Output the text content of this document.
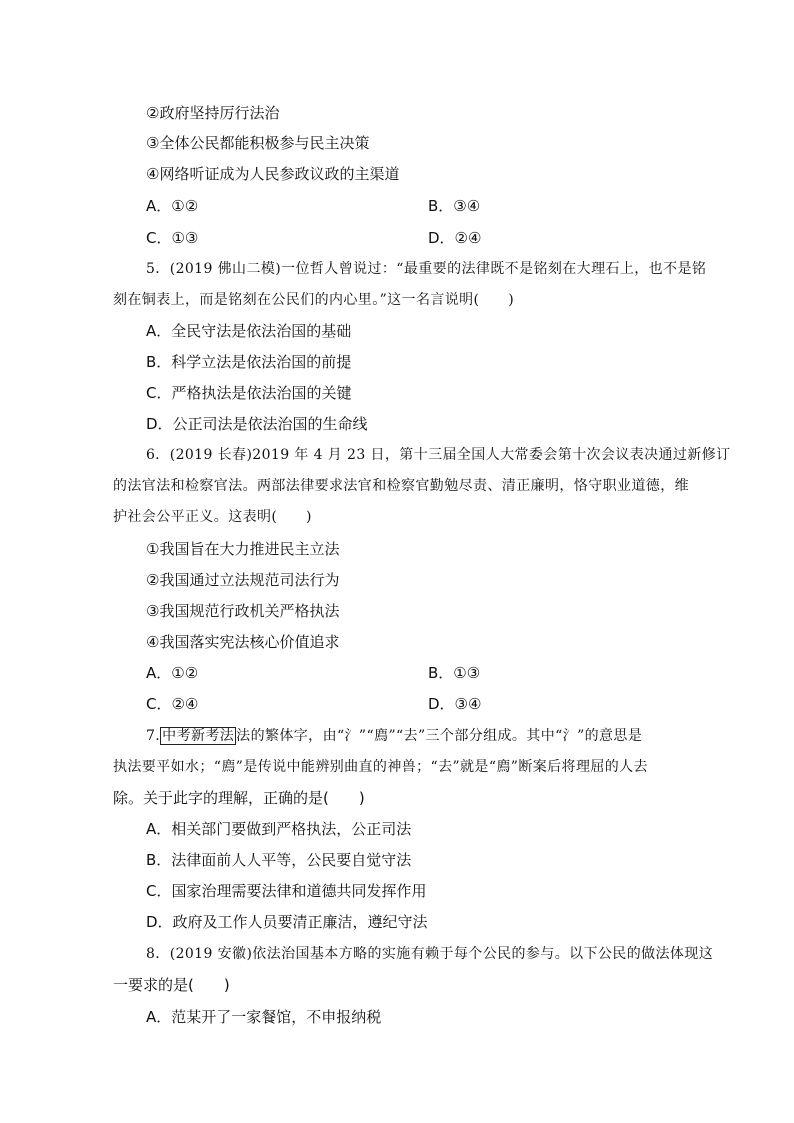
②政府坚持厉行法治
③全体公民都能积极参与民主决策
④网络听证成为人民参政议政的主渠道
A．①②	B．③④
C．①③	D．②④
5．(2019 佛山二模)一位哲人曾说过：“最重要的法律既不是铭刻在大理石上，也不是铭
刻在铜表上，而是铭刻在公民们的内心里。”这一名言说明(　　)
A．全民守法是依法治国的基础
B．科学立法是依法治国的前提
C．严格执法是依法治国的关键
D．公正司法是依法治国的生命线
6．(2019 长春)2019 年 4 月 23 日，第十三届全国人大常委会第十次会议表决通过新修订
的法官法和检察官法。两部法律要求法官和检察官勤勉尽责、清正廉明，恪守职业道德，维
护社会公平正义。这表明(　　)
①我国旨在大力推进民主立法
②我国通过立法规范司法行为
③我国规范行政机关严格执法
④我国落实宪法核心价值追求
A．①②	B．①③
C．②④	D．③④
7. 中考新考法 法的繁体字，由“氵”“廌”“去”三个部分组成。其中“氵”的意思是
执法要平如水；“廌”是传说中能辨别曲直的神兽；“去”就是“廌”断案后将理屈的人去
除。关于此字的理解，正确的是(　　)
A．相关部门要做到严格执法，公正司法
B．法律面前人人平等，公民要自觉守法
C．国家治理需要法律和道德共同发挥作用
D．政府及工作人员要清正廉洁，遵纪守法
8．(2019 安徽)依法治国基本方略的实施有赖于每个公民的参与。以下公民的做法体现这
一要求的是(　　)
A．范某开了一家餐馆，不申报纳税
